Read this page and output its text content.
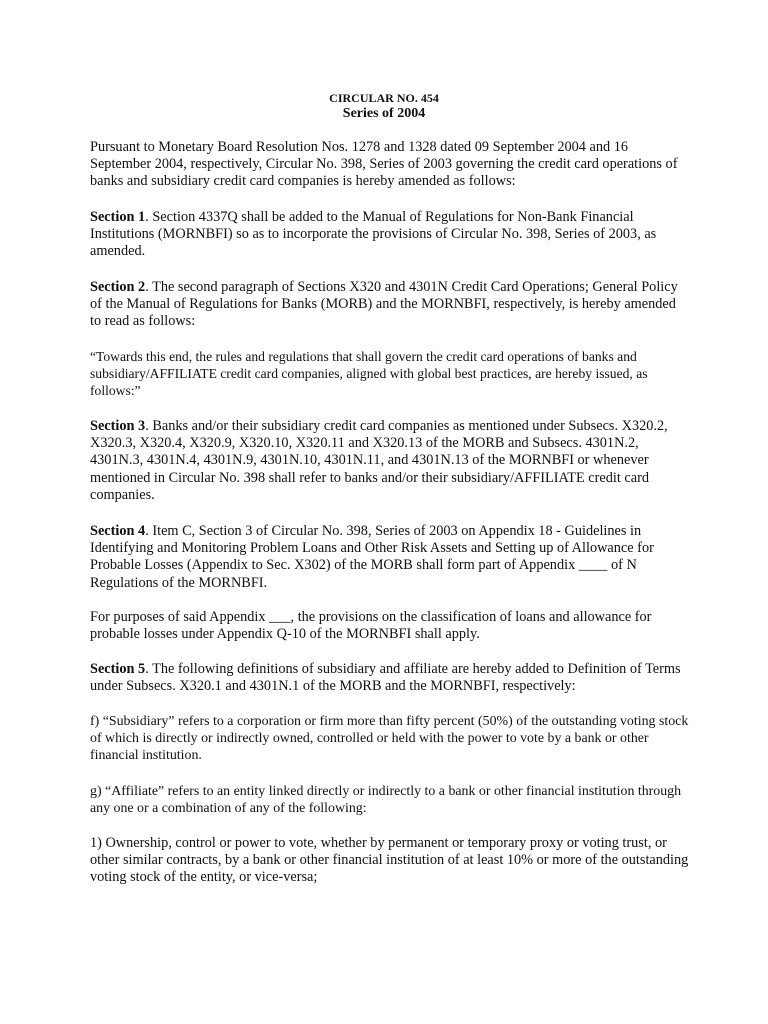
CIRCULAR NO. 454
Series of 2004

Pursuant to Monetary Board Resolution Nos. 1278 and 1328 dated 09 September 2004 and 16 September 2004, respectively, Circular No. 398, Series of 2003 governing the credit card operations of banks and subsidiary credit card companies is hereby amended as follows:

Section 1. Section 4337Q shall be added to the Manual of Regulations for Non-Bank Financial Institutions (MORNBFI) so as to incorporate the provisions of Circular No. 398, Series of 2003, as amended.

Section 2. The second paragraph of Sections X320 and 4301N Credit Card Operations; General Policy of the Manual of Regulations for Banks (MORB) and the MORNBFI, respectively, is hereby amended to read as follows:

“Towards this end, the rules and regulations that shall govern the credit card operations of banks and subsidiary/AFFILIATE credit card companies, aligned with global best practices, are hereby issued, as follows:”

Section 3. Banks and/or their subsidiary credit card companies as mentioned under Subsecs. X320.2, X320.3, X320.4, X320.9, X320.10, X320.11 and X320.13 of the MORB and Subsecs. 4301N.2, 4301N.3, 4301N.4, 4301N.9, 4301N.10, 4301N.11, and 4301N.13 of the MORNBFI or whenever mentioned in Circular No. 398 shall refer to banks and/or their subsidiary/AFFILIATE credit card companies.

Section 4. Item C, Section 3 of Circular No. 398, Series of 2003 on Appendix 18 - Guidelines in Identifying and Monitoring Problem Loans and Other Risk Assets and Setting up of Allowance for Probable Losses (Appendix to Sec. X302) of the MORB shall form part of Appendix ____ of N Regulations of the MORNBFI.

For purposes of said Appendix ___, the provisions on the classification of loans and allowance for probable losses under Appendix Q-10 of the MORNBFI shall apply.

Section 5. The following definitions of subsidiary and affiliate are hereby added to Definition of Terms under Subsecs. X320.1 and 4301N.1 of the MORB and the MORNBFI, respectively:

f) “Subsidiary” refers to a corporation or firm more than fifty percent (50%) of the outstanding voting stock of which is directly or indirectly owned, controlled or held with the power to vote by a bank or other financial institution.

g) “Affiliate” refers to an entity linked directly or indirectly to a bank or other financial institution through any one or a combination of any of the following:

1) Ownership, control or power to vote, whether by permanent or temporary proxy or voting trust, or other similar contracts, by a bank or other financial institution of at least 10% or more of the outstanding voting stock of the entity, or vice-versa;
